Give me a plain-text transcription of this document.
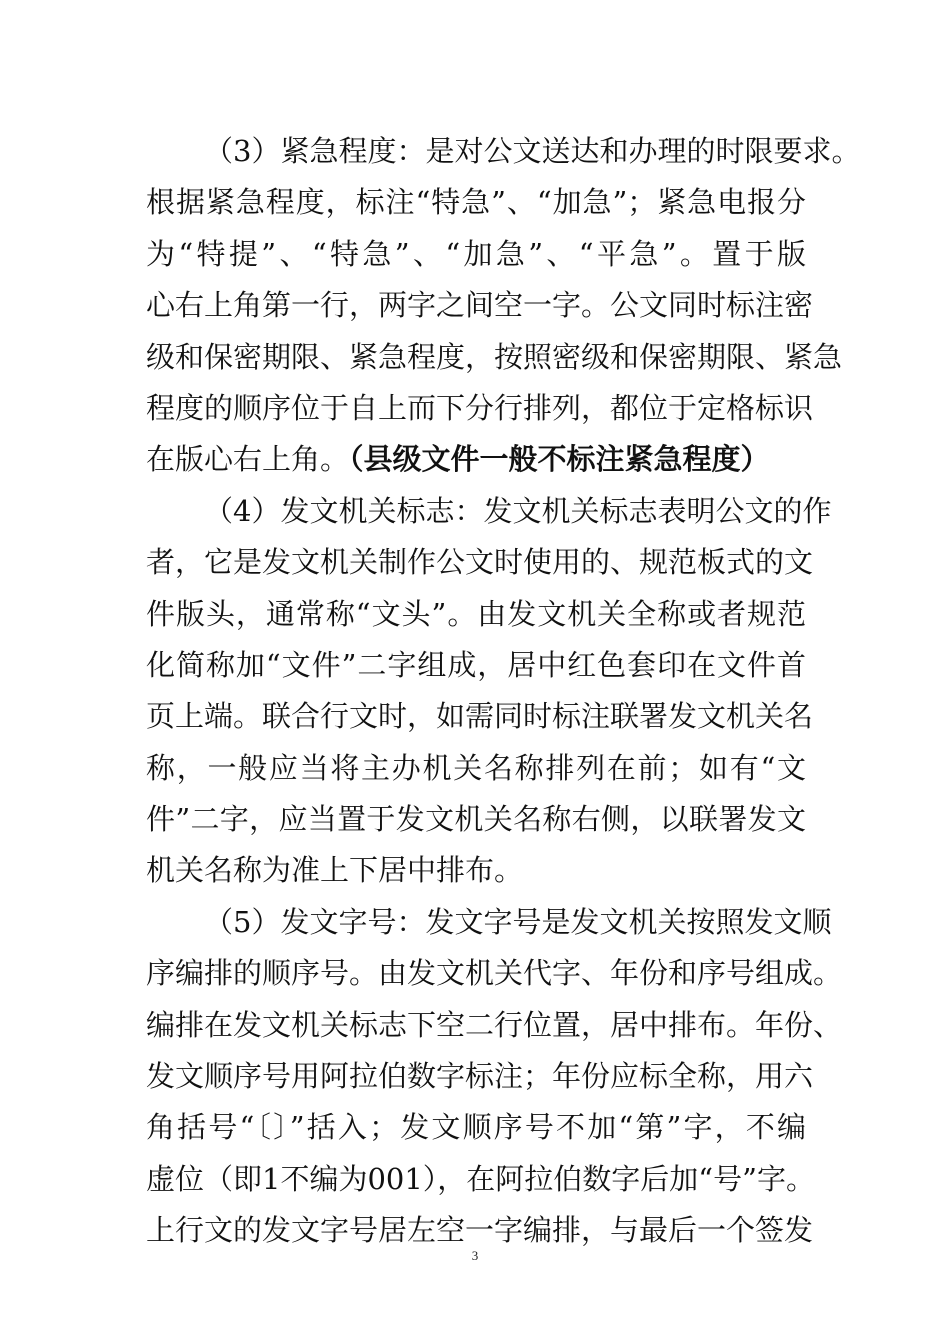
（3）紧急程度：是对公文送达和办理的时限要求。
根据紧急程度，标注“特急”、“加急”；紧急电报分
为“特提”、“特急”、“加急”、“平急”。置于版
心右上角第一行，两字之间空一字。公文同时标注密
级和保密期限、紧急程度，按照密级和保密期限、紧急
程度的顺序位于自上而下分行排列，都位于定格标识
在版心右上角。（县级文件一般不标注紧急程度）
（4）发文机关标志：发文机关标志表明公文的作
者，它是发文机关制作公文时使用的、规范板式的文
件版头，通常称“文头”。由发文机关全称或者规范
化简称加“文件”二字组成，居中红色套印在文件首
页上端。联合行文时，如需同时标注联署发文机关名
称，一般应当将主办机关名称排列在前；如有“文
件”二字，应当置于发文机关名称右侧，以联署发文
机关名称为准上下居中排布。
（5）发文字号：发文字号是发文机关按照发文顺
序编排的顺序号。由发文机关代字、年份和序号组成。
编排在发文机关标志下空二行位置，居中排布。年份、
发文顺序号用阿拉伯数字标注；年份应标全称，用六
角括号“〔〕”括入；发文顺序号不加“第”字，不编
虚位（即1不编为001），在阿拉伯数字后加“号”字。
上行文的发文字号居左空一字编排，与最后一个签发
3
